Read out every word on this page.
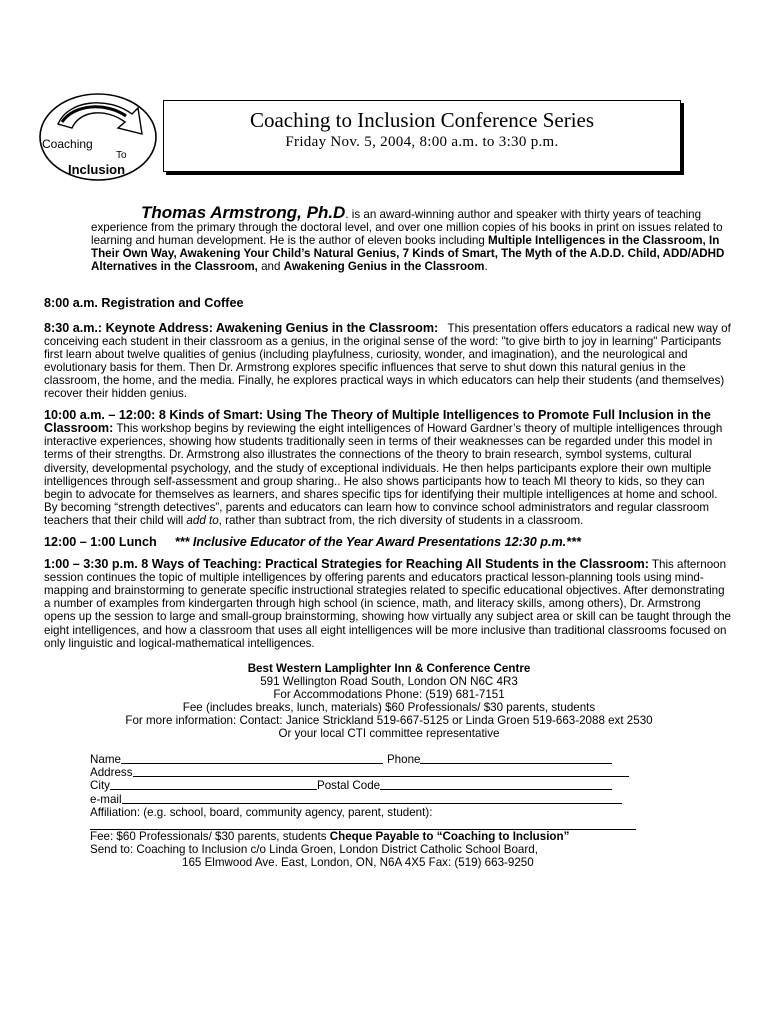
Coaching
To
Inclusion
Coaching to Inclusion Conference Series
Friday Nov. 5, 2004, 8:00 a.m. to 3:30 p.m.

Thomas Armstrong, Ph.D. is an award-winning author and speaker with thirty years of teaching experience from the primary through the doctoral level, and over one million copies of his books in print on issues related to learning and human development. He is the author of eleven books including Multiple Intelligences in the Classroom, In Their Own Way, Awakening Your Child’s Natural Genius, 7 Kinds of Smart, The Myth of the A.D.D. Child, ADD/ADHD Alternatives in the Classroom, and Awakening Genius in the Classroom.

8:00 a.m. Registration and Coffee

8:30 a.m.: Keynote Address: Awakening Genius in the Classroom: This presentation offers educators a radical new way of conceiving each student in their classroom as a genius, in the original sense of the word: "to give birth to joy in learning" Participants first learn about twelve qualities of genius (including playfulness, curiosity, wonder, and imagination), and the neurological and evolutionary basis for them. Then Dr. Armstrong explores specific influences that serve to shut down this natural genius in the classroom, the home, and the media. Finally, he explores practical ways in which educators can help their students (and themselves) recover their hidden genius.

10:00 a.m. – 12:00: 8 Kinds of Smart: Using The Theory of Multiple Intelligences to Promote Full Inclusion in the Classroom: This workshop begins by reviewing the eight intelligences of Howard Gardner’s theory of multiple intelligences through interactive experiences, showing how students traditionally seen in terms of their weaknesses can be regarded under this model in terms of their strengths. Dr. Armstrong also illustrates the connections of the theory to brain research, symbol systems, cultural diversity, developmental psychology, and the study of exceptional individuals. He then helps participants explore their own multiple intelligences through self-assessment and group sharing.. He also shows participants how to teach MI theory to kids, so they can begin to advocate for themselves as learners, and shares specific tips for identifying their multiple intelligences at home and school. By becoming “strength detectives”, parents and educators can learn how to convince school administrators and regular classroom teachers that their child will add to, rather than subtract from, the rich diversity of students in a classroom.

12:00 – 1:00 Lunch *** Inclusive Educator of the Year Award Presentations 12:30 p.m.***

1:00 – 3:30 p.m. 8 Ways of Teaching: Practical Strategies for Reaching All Students in the Classroom: This afternoon session continues the topic of multiple intelligences by offering parents and educators practical lesson-planning tools using mind-mapping and brainstorming to generate specific instructional strategies related to specific educational objectives. After demonstrating a number of examples from kindergarten through high school (in science, math, and literacy skills, among others), Dr. Armstrong opens up the session to large and small-group brainstorming, showing how virtually any subject area or skill can be taught through the eight intelligences, and how a classroom that uses all eight intelligences will be more inclusive than traditional classrooms focused on only linguistic and logical-mathematical intelligences.

Best Western Lamplighter Inn & Conference Centre
591 Wellington Road South, London ON N6C 4R3
For Accommodations Phone: (519) 681-7151
Fee (includes breaks, lunch, materials) $60 Professionals/ $30 parents, students
For more information: Contact: Janice Strickland 519-667-5125 or Linda Groen 519-663-2088 ext 2530
Or your local CTI committee representative
Name	Phone
Address
City	Postal Code
e-mail
Affiliation: (e.g. school, board, community agency, parent, student):
Fee: $60 Professionals/ $30 parents, students Cheque Payable to “Coaching to Inclusion”
Send to: Coaching to Inclusion c/o Linda Groen, London District Catholic School Board,
165 Elmwood Ave. East, London, ON, N6A 4X5 Fax: (519) 663-9250
